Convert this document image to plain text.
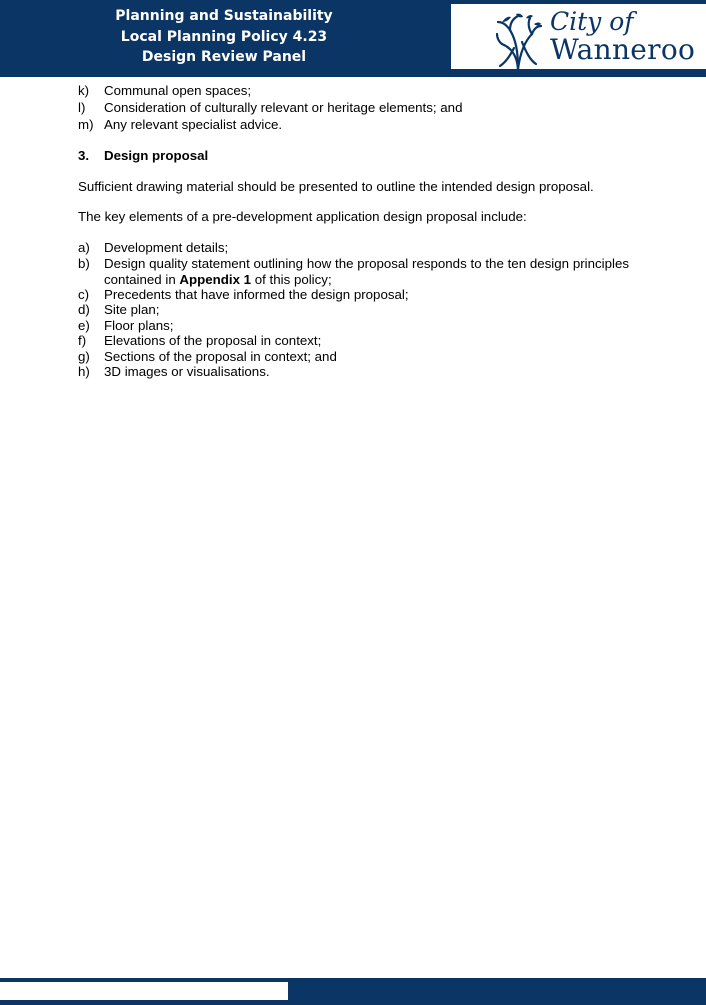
Planning and Sustainability
Local Planning Policy 4.23
Design Review Panel
City of
Wanneroo
k) Communal open spaces;
l) Consideration of culturally relevant or heritage elements; and
m) Any relevant specialist advice.
3. Design proposal
Sufficient drawing material should be presented to outline the intended design proposal.
The key elements of a pre-development application design proposal include:
a) Development details;
b) Design quality statement outlining how the proposal responds to the ten design principles contained in Appendix 1 of this policy;
c) Precedents that have informed the design proposal;
d) Site plan;
e) Floor plans;
f) Elevations of the proposal in context;
g) Sections of the proposal in context; and
h) 3D images or visualisations.
